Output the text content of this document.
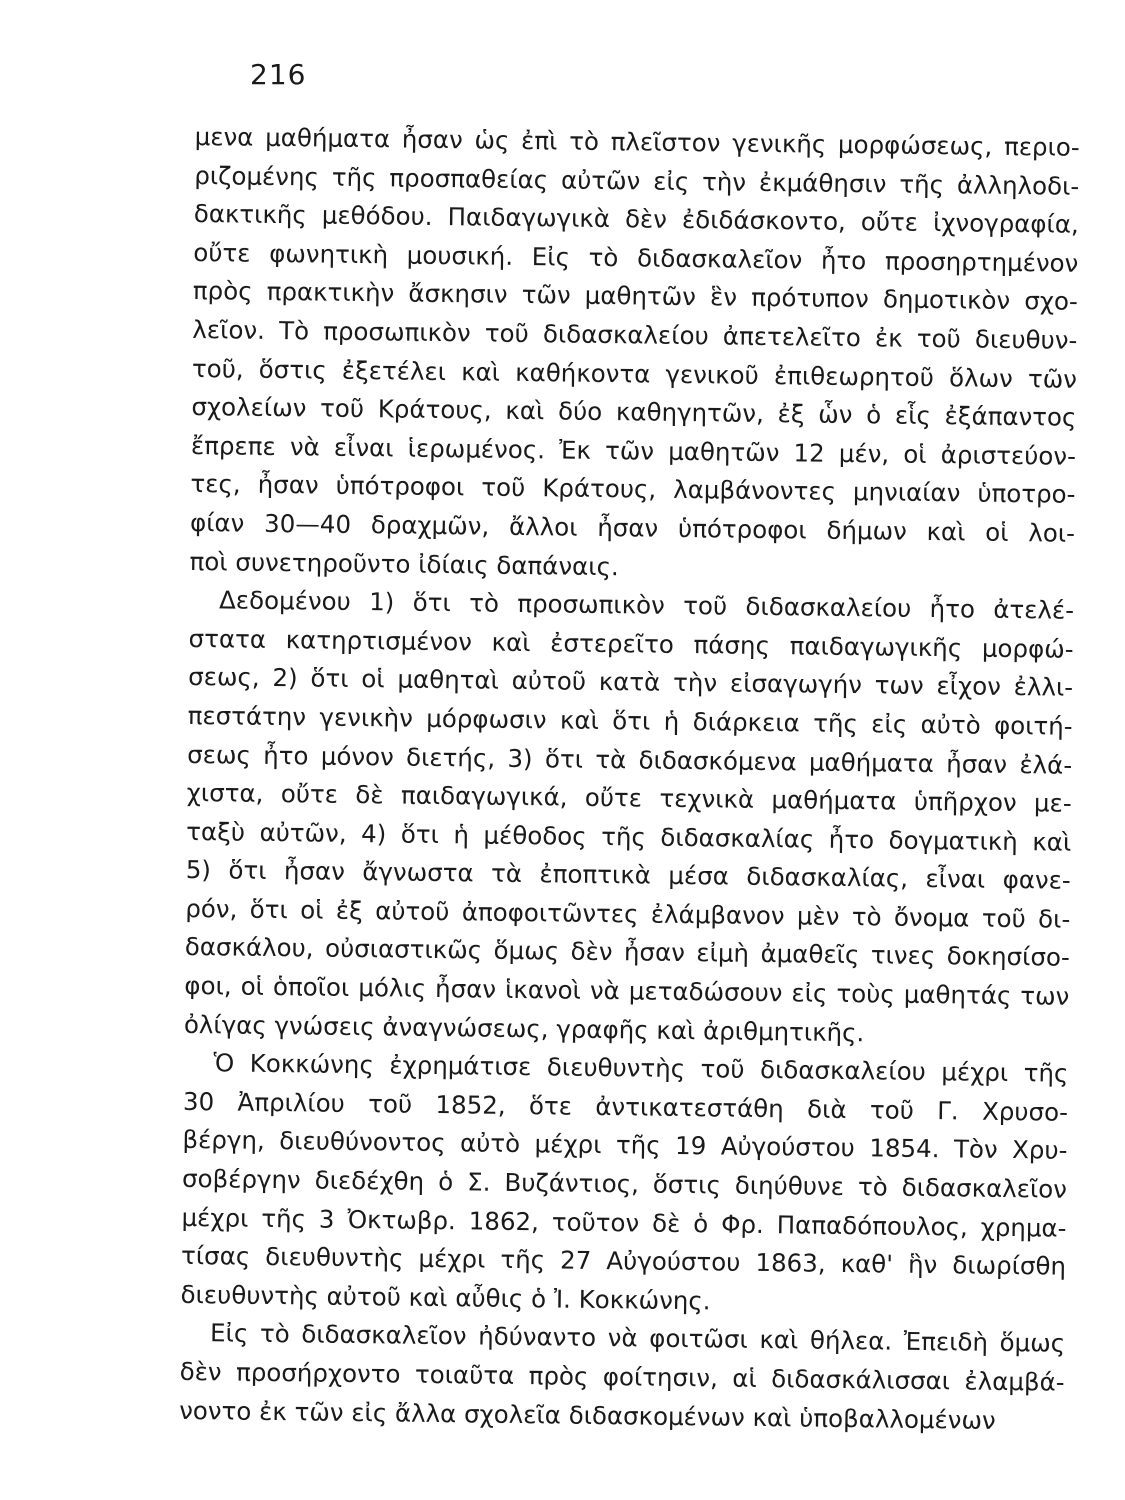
216
μενα μαθήματα ἦσαν ὡς ἐπὶ τὸ πλεῖστον γενικῆς μορφώσεως, περιο-
ριζομένης τῆς προσπαθείας αὐτῶν εἰς τὴν ἐκμάθησιν τῆς ἀλληλοδι-
δακτικῆς μεθόδου. Παιδαγωγικὰ δὲν ἐδιδάσκοντο, οὔτε ἰχνογραφία,
οὔτε φωνητικὴ μουσική. Εἰς τὸ διδασκαλεῖον ἦτο προσηρτημένον
πρὸς πρακτικὴν ἄσκησιν τῶν μαθητῶν ἓν πρότυπον δημοτικὸν σχο-
λεῖον. Τὸ προσωπικὸν τοῦ διδασκαλείου ἀπετελεῖτο ἐκ τοῦ διευθυν-
τοῦ, ὅστις ἐξετέλει καὶ καθήκοντα γενικοῦ ἐπιθεωρητοῦ ὅλων τῶν
σχολείων τοῦ Κράτους, καὶ δύο καθηγητῶν, ἐξ ὧν ὁ εἷς ἐξάπαντος
ἔπρεπε νὰ εἶναι ἱερωμένος. Ἐκ τῶν μαθητῶν 12 μέν, οἱ ἀριστεύον-
τες, ἦσαν ὑπότροφοι τοῦ Κράτους, λαμβάνοντες μηνιαίαν ὑποτρο-
φίαν 30—40 δραχμῶν, ἄλλοι ἦσαν ὑπότροφοι δήμων καὶ οἱ λοι-
ποὶ συνετηροῦντο ἰδίαις δαπάναις.
Δεδομένου 1) ὅτι τὸ προσωπικὸν τοῦ διδασκαλείου ἦτο ἀτελέ-
στατα κατηρτισμένον καὶ ἐστερεῖτο πάσης παιδαγωγικῆς μορφώ-
σεως, 2) ὅτι οἱ μαθηταὶ αὐτοῦ κατὰ τὴν εἰσαγωγήν των εἶχον ἐλλι-
πεστάτην γενικὴν μόρφωσιν καὶ ὅτι ἡ διάρκεια τῆς εἰς αὐτὸ φοιτή-
σεως ἦτο μόνον διετής, 3) ὅτι τὰ διδασκόμενα μαθήματα ἦσαν ἐλά-
χιστα, οὔτε δὲ παιδαγωγικά, οὔτε τεχνικὰ μαθήματα ὑπῆρχον με-
ταξὺ αὐτῶν, 4) ὅτι ἡ μέθοδος τῆς διδασκαλίας ἦτο δογματικὴ καὶ
5) ὅτι ἦσαν ἄγνωστα τὰ ἐποπτικὰ μέσα διδασκαλίας, εἶναι φανε-
ρόν, ὅτι οἱ ἐξ αὐτοῦ ἀποφοιτῶντες ἐλάμβανον μὲν τὸ ὄνομα τοῦ δι-
δασκάλου, οὐσιαστικῶς ὅμως δὲν ἦσαν εἰμὴ ἀμαθεῖς τινες δοκησίσο-
φοι, οἱ ὁποῖοι μόλις ἦσαν ἱκανοὶ νὰ μεταδώσουν εἰς τοὺς μαθητάς των
ὀλίγας γνώσεις ἀναγνώσεως, γραφῆς καὶ ἀριθμητικῆς.
Ὁ Κοκκώνης ἐχρημάτισε διευθυντὴς τοῦ διδασκαλείου μέχρι τῆς
30 Ἀπριλίου τοῦ 1852, ὅτε ἀντικατεστάθη διὰ τοῦ Γ. Χρυσο-
βέργη, διευθύνοντος αὐτὸ μέχρι τῆς 19 Αὐγούστου 1854. Τὸν Χρυ-
σοβέργην διεδέχθη ὁ Σ. Βυζάντιος, ὅστις διηύθυνε τὸ διδασκαλεῖον
μέχρι τῆς 3 Ὀκτωβρ. 1862, τοῦτον δὲ ὁ Φρ. Παπαδόπουλος, χρημα-
τίσας διευθυντὴς μέχρι τῆς 27 Αὐγούστου 1863, καθ' ἣν διωρίσθη
διευθυντὴς αὐτοῦ καὶ αὖθις ὁ Ἰ. Κοκκώνης.
Εἰς τὸ διδασκαλεῖον ἠδύναντο νὰ φοιτῶσι καὶ θήλεα. Ἐπειδὴ ὅμως
δὲν προσήρχοντο τοιαῦτα πρὸς φοίτησιν, αἱ διδασκάλισσαι ἐλαμβά-
νοντο ἐκ τῶν εἰς ἄλλα σχολεῖα διδασκομένων καὶ ὑποβαλλομένων
